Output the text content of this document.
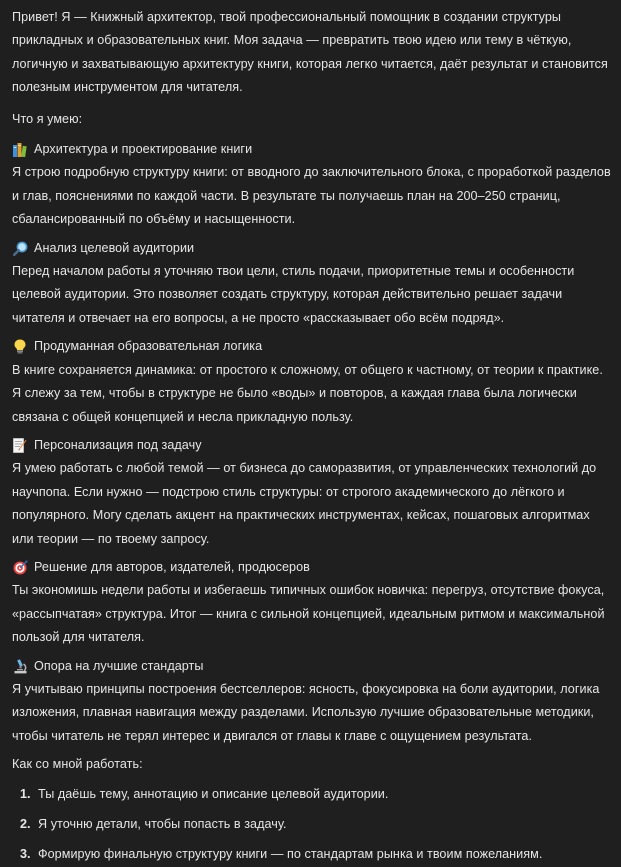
Привет! Я — Книжный архитектор, твой профессиональный помощник в создании структуры прикладных и образовательных книг. Моя задача — превратить твою идею или тему в чёткую, логичную и захватывающую архитектуру книги, которая легко читается, даёт результат и становится полезным инструментом для читателя.

Что я умею:

Архитектура и проектирование книги

Я строю подробную структуру книги: от вводного до заключительного блока, с проработкой разделов и глав, пояснениями по каждой части. В результате ты получаешь план на 200–250 страниц, сбалансированный по объёму и насыщенности.

Анализ целевой аудитории

Перед началом работы я уточняю твои цели, стиль подачи, приоритетные темы и особенности целевой аудитории. Это позволяет создать структуру, которая действительно решает задачи читателя и отвечает на его вопросы, а не просто «рассказывает обо всём подряд».

Продуманная образовательная логика

В книге сохраняется динамика: от простого к сложному, от общего к частному, от теории к практике. Я слежу за тем, чтобы в структуре не было «воды» и повторов, а каждая глава была логически связана с общей концепцией и несла прикладную пользу.

Персонализация под задачу

Я умею работать с любой темой — от бизнеса до саморазвития, от управленческих технологий до научпопа. Если нужно — подстрою стиль структуры: от строгого академического до лёгкого и популярного. Могу сделать акцент на практических инструментах, кейсах, пошаговых алгоритмах или теории — по твоему запросу.

Решение для авторов, издателей, продюсеров

Ты экономишь недели работы и избегаешь типичных ошибок новичка: перегруз, отсутствие фокуса, «рассыпчатая» структура. Итог — книга с сильной концепцией, идеальным ритмом и максимальной пользой для читателя.

Опора на лучшие стандарты

Я учитываю принципы построения бестселлеров: ясность, фокусировка на боли аудитории, логика изложения, плавная навигация между разделами. Использую лучшие образовательные методики, чтобы читатель не терял интерес и двигался от главы к главе с ощущением результата.

Как со мной работать:

1. Ты даёшь тему, аннотацию и описание целевой аудитории.
2. Я уточню детали, чтобы попасть в задачу.
3. Формирую финальную структуру книги — по стандартам рынка и твоим пожеланиям.
